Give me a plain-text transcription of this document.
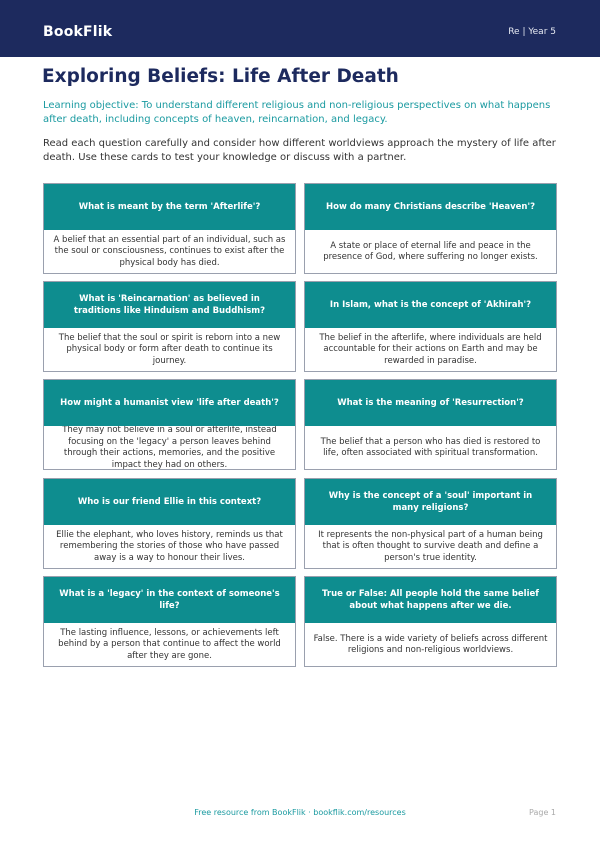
BookFlik	Re | Year 5
Exploring Beliefs: Life After Death

Learning objective: To understand different religious and non-religious perspectives on what happens after death, including concepts of heaven, reincarnation, and legacy.

Read each question carefully and consider how different worldviews approach the mystery of life after death. Use these cards to test your knowledge or discuss with a partner.

What is meant by the term 'Afterlife'?
A belief that an essential part of an individual, such as the soul or consciousness, continues to exist after the physical body has died.
How do many Christians describe 'Heaven'?
A state or place of eternal life and peace in the presence of God, where suffering no longer exists.
What is 'Reincarnation' as believed in traditions like Hinduism and Buddhism?
The belief that the soul or spirit is reborn into a new physical body or form after death to continue its journey.
In Islam, what is the concept of 'Akhirah'?
The belief in the afterlife, where individuals are held accountable for their actions on Earth and may be rewarded in paradise.
How might a humanist view 'life after death'?
They may not believe in a soul or afterlife, instead focusing on the 'legacy' a person leaves behind through their actions, memories, and the positive impact they had on others.
What is the meaning of 'Resurrection'?
The belief that a person who has died is restored to life, often associated with spiritual transformation.
Who is our friend Ellie in this context?
Ellie the elephant, who loves history, reminds us that remembering the stories of those who have passed away is a way to honour their lives.
Why is the concept of a 'soul' important in many religions?
It represents the non-physical part of a human being that is often thought to survive death and define a person's true identity.
What is a 'legacy' in the context of someone's life?
The lasting influence, lessons, or achievements left behind by a person that continue to affect the world after they are gone.
True or False: All people hold the same belief about what happens after we die.
False. There is a wide variety of beliefs across different religions and non-religious worldviews.
Free resource from BookFlik · bookflik.com/resources	Page 1
